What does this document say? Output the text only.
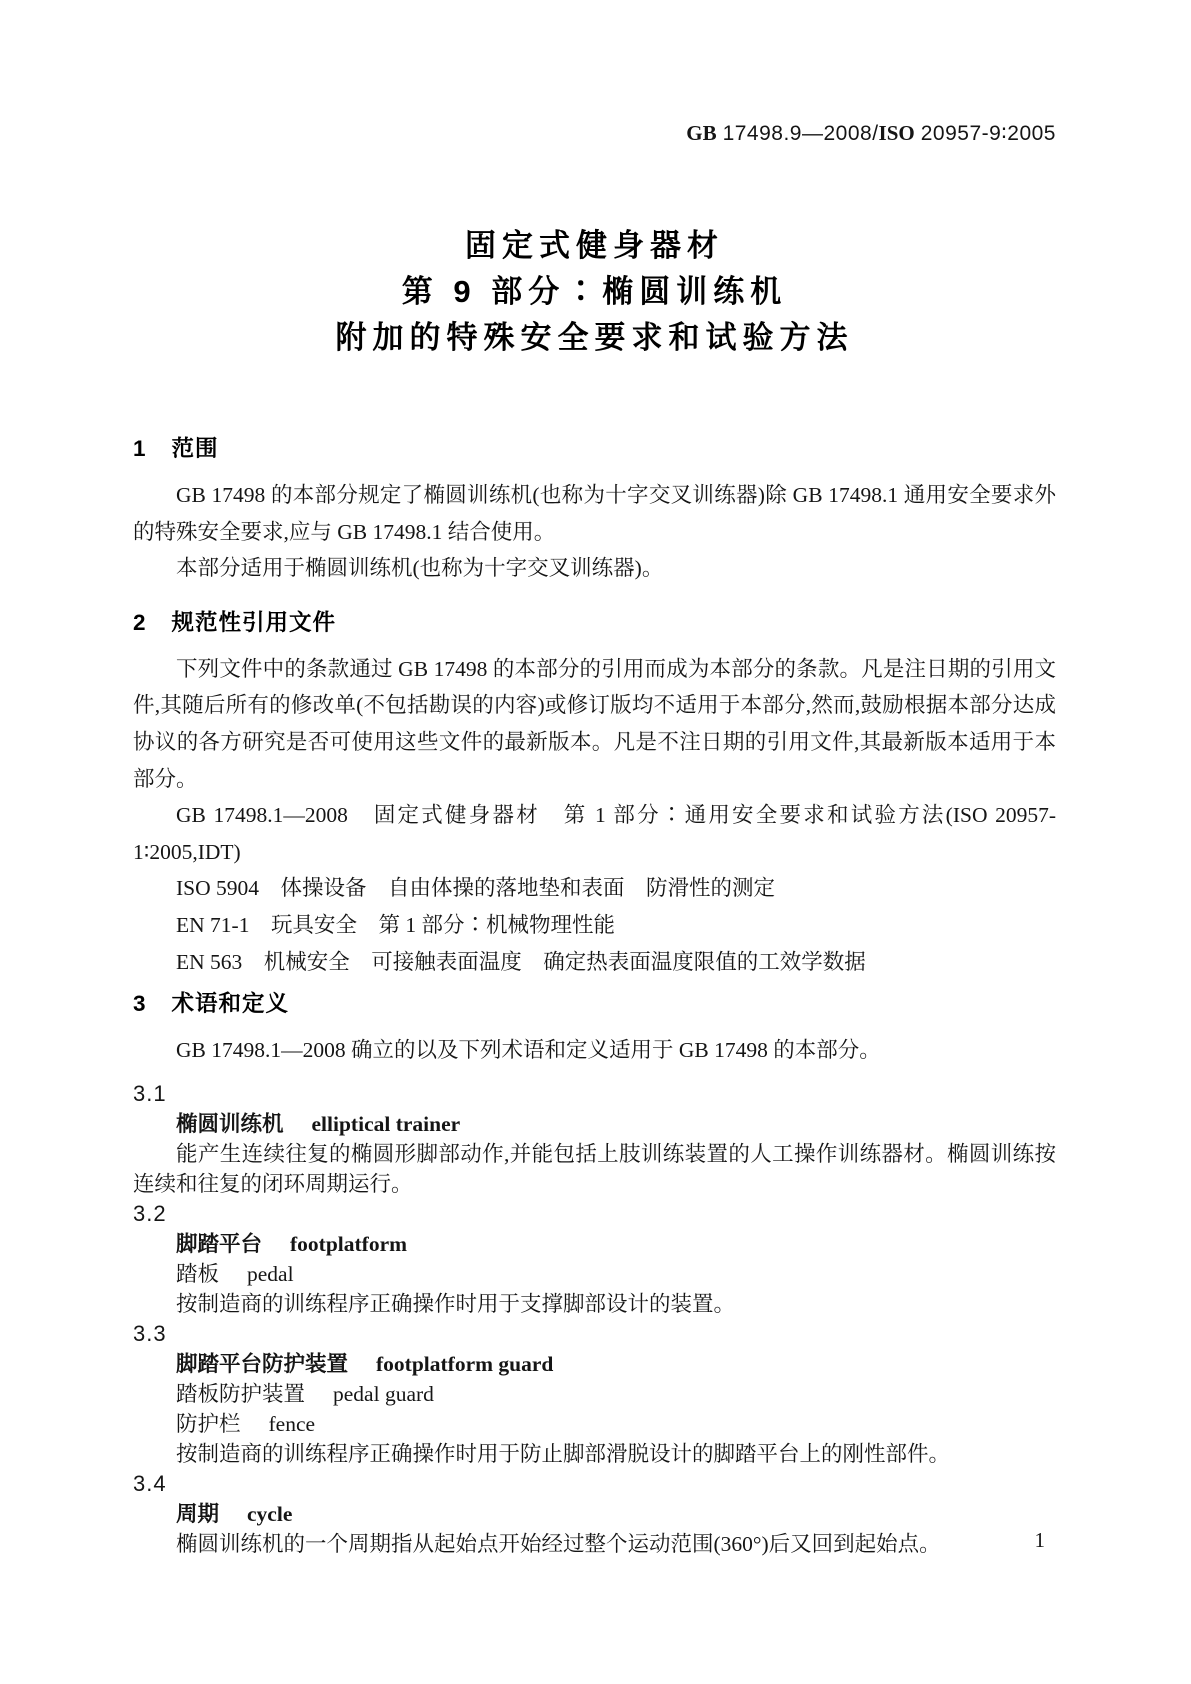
GB 17498.9—2008/ISO 20957-9∶2005
固定式健身器材
第 9 部分∶椭圆训练机
附加的特殊安全要求和试验方法
1 范围

GB 17498 的本部分规定了椭圆训练机(也称为十字交叉训练器)除 GB 17498.1 通用安全要求外的特殊安全要求,应与 GB 17498.1 结合使用。

本部分适用于椭圆训练机(也称为十字交叉训练器)。

2 规范性引用文件

下列文件中的条款通过 GB 17498 的本部分的引用而成为本部分的条款。凡是注日期的引用文件,其随后所有的修改单(不包括勘误的内容)或修订版均不适用于本部分,然而,鼓励根据本部分达成协议的各方研究是否可使用这些文件的最新版本。凡是不注日期的引用文件,其最新版本适用于本部分。

GB 17498.1—2008　固定式健身器材　第 1 部分∶通用安全要求和试验方法(ISO 20957-1∶2005,IDT)

ISO 5904　体操设备　自由体操的落地垫和表面　防滑性的测定

EN 71-1　玩具安全　第 1 部分∶机械物理性能

EN 563　机械安全　可接触表面温度　确定热表面温度限值的工效学数据

3 术语和定义

GB 17498.1—2008 确立的以及下列术语和定义适用于 GB 17498 的本部分。

3.1

椭圆训练机 elliptical trainer

能产生连续往复的椭圆形脚部动作,并能包括上肢训练装置的人工操作训练器材。椭圆训练按连续和往复的闭环周期运行。

3.2

脚踏平台 footplatform

踏板 pedal

按制造商的训练程序正确操作时用于支撑脚部设计的装置。

3.3

脚踏平台防护装置 footplatform guard

踏板防护装置 pedal guard

防护栏 fence

按制造商的训练程序正确操作时用于防止脚部滑脱设计的脚踏平台上的刚性部件。

3.4

周期 cycle

椭圆训练机的一个周期指从起始点开始经过整个运动范围(360°)后又回到起始点。	1
